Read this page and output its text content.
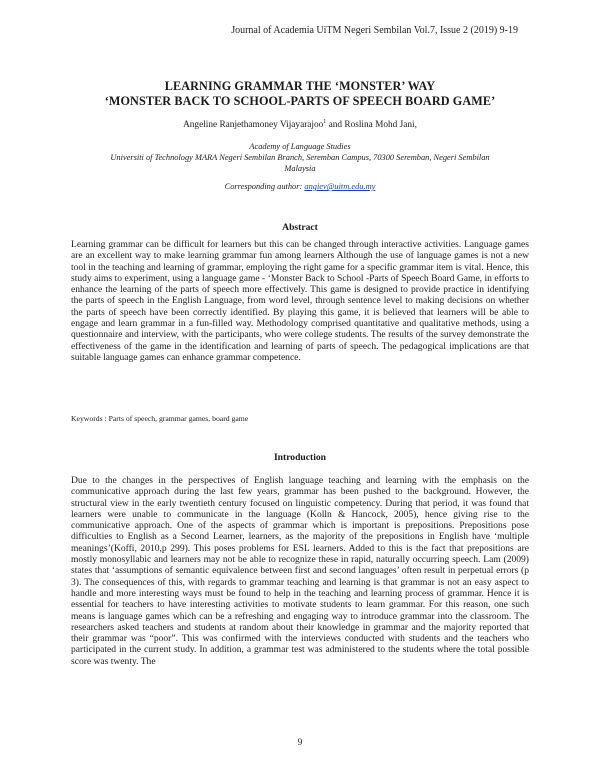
Journal of Academia UiTM Negeri Sembilan Vol.7, Issue 2 (2019) 9-19
LEARNING GRAMMAR THE ‘MONSTER’ WAY
‘MONSTER BACK TO SCHOOL-PARTS OF SPEECH BOARD GAME’
Angeline Ranjethamoney Vijayarajoo$^1$ and Roslina Mohd Jani,
Academy of Language Studies
Universiti of Technology MARA Negeri Sembilan Branch, Seremban Campus, 70300 Seremban, Negeri Sembilan
Malaysia
Corresponding author: angiev@uitm.edu.my
Abstract
Learning grammar can be difficult for learners but this can be changed through interactive activities. Language games are an excellent way to make learning grammar fun among learners Although the use of language games is not a new tool in the teaching and learning of grammar, employing the right game for a specific grammar item is vital. Hence, this study aims to experiment, using a language game - ‘Monster Back to School -Parts of Speech Board Game, in efforts to enhance the learning of the parts of speech more effectively. This game is designed to provide practice in identifying the parts of speech in the English Language, from word level, through sentence level to making decisions on whether the parts of speech have been correctly identified. By playing this game, it is believed that learners will be able to engage and learn grammar in a fun-filled way. Methodology comprised quantitative and qualitative methods, using a questionnaire and interview, with the participants, who were college students. The results of the survey demonstrate the effectiveness of the game in the identification and learning of parts of speech. The pedagogical implications are that suitable language games can enhance grammar competence.
Keywords : Parts of speech, grammar games, board game
Introduction
Due to the changes in the perspectives of English language teaching and learning with the emphasis on the communicative approach during the last few years, grammar has been pushed to the background. However, the structural view in the early twentieth century focused on linguistic competency. During that period, it was found that learners were unable to communicate in the language (Kolln & Hancock, 2005), hence giving rise to the communicative approach. One of the aspects of grammar which is important is prepositions. Prepositions pose difficulties to English as a Second Learner, learners, as the majority of the prepositions in English have ‘multiple meanings’(Koffi, 2010,p 299). This poses problems for ESL learners. Added to this is the fact that prepositions are mostly monosyllabic and learners may not be able to recognize these in rapid, naturally occurring speech. Lam (2009) states that ‘assumptions of semantic equivalence between first and second languages’ often result in perpetual errors (p 3). The consequences of this, with regards to grammar teaching and learning is that grammar is not an easy aspect to handle and more interesting ways must be found to help in the teaching and learning process of grammar. Hence it is essential for teachers to have interesting activities to motivate students to learn grammar. For this reason, one such means is language games which can be a refreshing and engaging way to introduce grammar into the classroom. The researchers asked teachers and students at random about their knowledge in grammar and the majority reported that their grammar was “poor”. This was confirmed with the interviews conducted with students and the teachers who participated in the current study. In addition, a grammar test was administered to the students where the total possible score was twenty. The
9
